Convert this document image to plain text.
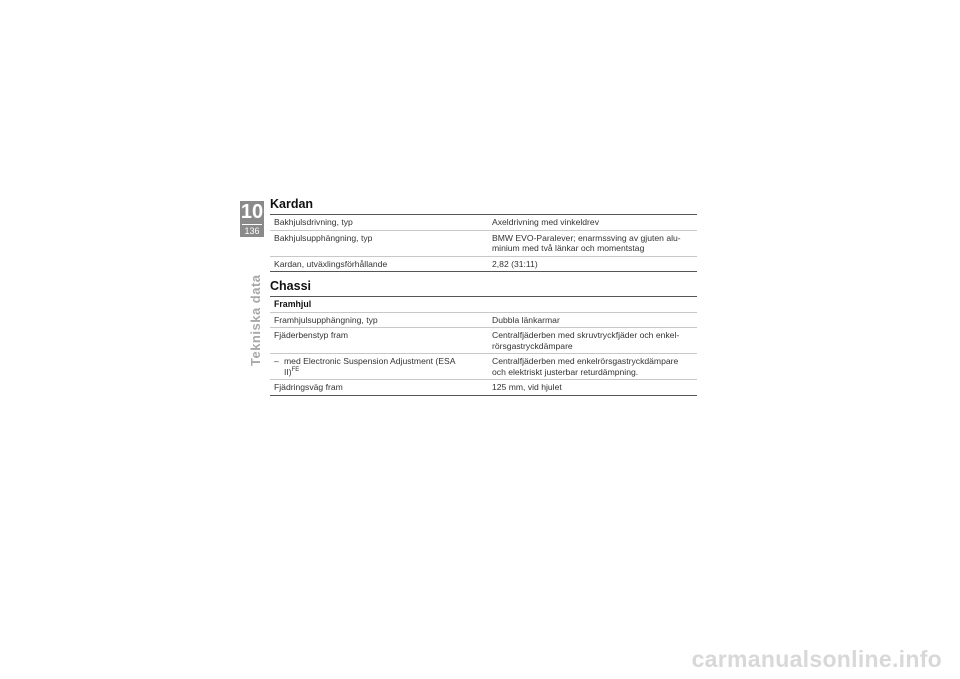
10
136
Tekniska data
Kardan
Bakhjulsdrivning, typ	Axeldrivning med vinkeldrev
Bakhjulsupphängning, typ	BMW EVO-Paralever; enarmssving av gjuten alu-
minium med två länkar och momentstag
Kardan, utväxlingsförhållande	2,82 (31:11)
Chassi
Framhjul	
Framhjulsupphängning, typ	Dubbla länkarmar
Fjäderbenstyp fram	Centralfjäderben med skruvtryckfjäder och enkel-
rörsgastryckdämpare
– med Electronic Suspension Adjustment (ESA
II)$^{FE}$	Centralfjäderben med enkelrörsgastryckdämpare
och elektriskt justerbar returdämpning.
Fjädringsväg fram	125 mm, vid hjulet
carmanualsonline.info
